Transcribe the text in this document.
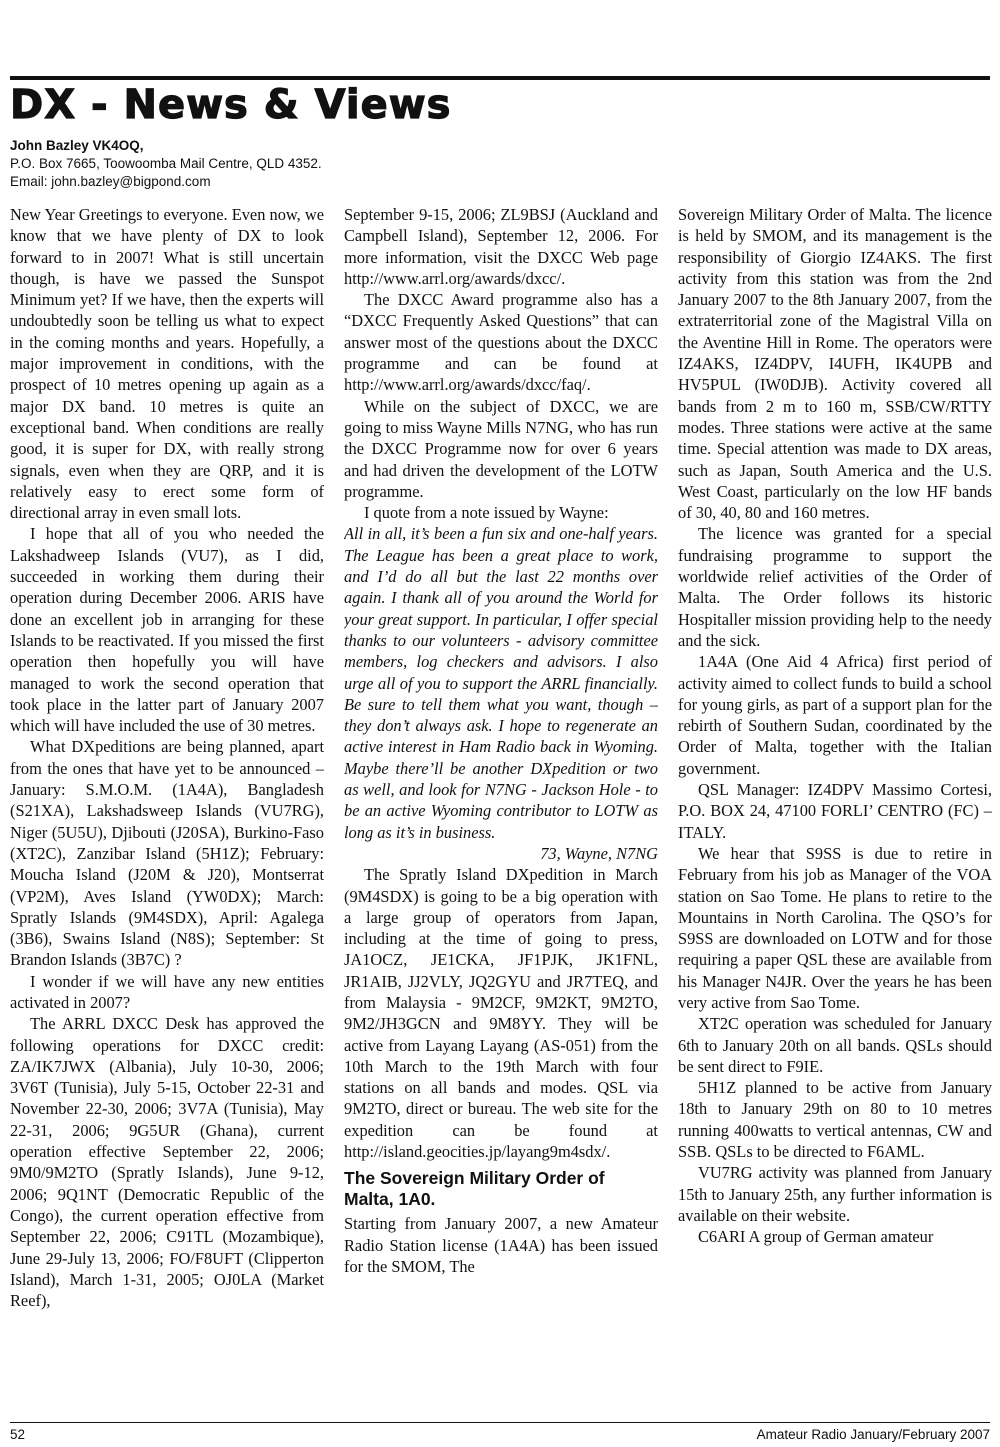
DX - News & Views
John Bazley VK4OQ,
P.O. Box 7665, Toowoomba Mail Centre, QLD 4352.
Email: john.bazley@bigpond.com

New Year Greetings to everyone. Even now, we know that we have plenty of DX to look forward to in 2007! What is still uncertain though, is have we passed the Sunspot Minimum yet? If we have, then the experts will undoubtedly soon be telling us what to expect in the coming months and years. Hopefully, a major improvement in conditions, with the prospect of 10 metres opening up again as a major DX band. 10 metres is quite an exceptional band. When conditions are really good, it is super for DX, with really strong signals, even when they are QRP, and it is relatively easy to erect some form of directional array in even small lots.

I hope that all of you who needed the Lakshadweep Islands (VU7), as I did, succeeded in working them during their operation during December 2006. ARIS have done an excellent job in arranging for these Islands to be reactivated. If you missed the first operation then hopefully you will have managed to work the second operation that took place in the latter part of January 2007 which will have included the use of 30 metres.

What DXpeditions are being planned, apart from the ones that have yet to be announced – January: S.M.O.M. (1A4A), Bangladesh (S21XA), Lakshadsweep Islands (VU7RG), Niger (5U5U), Djibouti (J20SA), Burkino-Faso (XT2C), Zanzibar Island (5H1Z); February: Moucha Island (J20M & J20), Montserrat (VP2M), Aves Island (YW0DX); March: Spratly Islands (9M4SDX), April: Agalega (3B6), Swains Island (N8S); September: St Brandon Islands (3B7C) ?

I wonder if we will have any new entities activated in 2007?

The ARRL DXCC Desk has approved the following operations for DXCC credit: ZA/IK7JWX (Albania), July 10-30, 2006; 3V6T (Tunisia), July 5-15, October 22-31 and November 22-30, 2006; 3V7A (Tunisia), May 22-31, 2006; 9G5UR (Ghana), current operation effective September 22, 2006; 9M0/9M2TO (Spratly Islands), June 9-12, 2006; 9Q1NT (Democratic Republic of the Congo), the current operation effective from September 22, 2006; C91TL (Mozambique), June 29-July 13, 2006; FO/F8UFT (Clipperton Island), March 1-31, 2005; OJ0LA (Market Reef),

September 9-15, 2006; ZL9BSJ (Auckland and Campbell Island), September 12, 2006. For more information, visit the DXCC Web page http://www.arrl.org/awards/dxcc/.

The DXCC Award programme also has a “DXCC Frequently Asked Questions” that can answer most of the questions about the DXCC programme and can be found at http://www.arrl.org/awards/dxcc/faq/.

While on the subject of DXCC, we are going to miss Wayne Mills N7NG, who has run the DXCC Programme now for over 6 years and had driven the development of the LOTW programme.

I quote from a note issued by Wayne:

All in all, it’s been a fun six and one-half years. The League has been a great place to work, and I’d do all but the last 22 months over again. I thank all of you around the World for your great support. In particular, I offer special thanks to our volunteers - advisory committee members, log checkers and advisors. I also urge all of you to support the ARRL financially. Be sure to tell them what you want, though – they don’t always ask. I hope to regenerate an active interest in Ham Radio back in Wyoming. Maybe there’ll be another DXpedition or two as well, and look for N7NG - Jackson Hole - to be an active Wyoming contributor to LOTW as long as it’s in business.

73, Wayne, N7NG

The Spratly Island DXpedition in March (9M4SDX) is going to be a big operation with a large group of operators from Japan, including at the time of going to press, JA1OCZ, JE1CKA, JF1PJK, JK1FNL, JR1AIB, JJ2VLY, JQ2GYU and JR7TEQ, and from Malaysia - 9M2CF, 9M2KT, 9M2TO, 9M2/JH3GCN and 9M8YY. They will be active from Layang Layang (AS-051) from the 10th March to the 19th March with four stations on all bands and modes. QSL via 9M2TO, direct or bureau. The web site for the expedition can be found at http://island.geocities.jp/layang9m4sdx/.

The Sovereign Military Order of Malta, 1A0.

Starting from January 2007, a new Amateur Radio Station license (1A4A) has been issued for the SMOM, The

Sovereign Military Order of Malta. The licence is held by SMOM, and its management is the responsibility of Giorgio IZ4AKS. The first activity from this station was from the 2nd January 2007 to the 8th January 2007, from the extraterritorial zone of the Magistral Villa on the Aventine Hill in Rome. The operators were IZ4AKS, IZ4DPV, I4UFH, IK4UPB and HV5PUL (IW0DJB). Activity covered all bands from 2 m to 160 m, SSB/CW/RTTY modes. Three stations were active at the same time. Special attention was made to DX areas, such as Japan, South America and the U.S. West Coast, particularly on the low HF bands of 30, 40, 80 and 160 metres.

The licence was granted for a special fundraising programme to support the worldwide relief activities of the Order of Malta. The Order follows its historic Hospitaller mission providing help to the needy and the sick.

1A4A (One Aid 4 Africa) first period of activity aimed to collect funds to build a school for young girls, as part of a support plan for the rebirth of Southern Sudan, coordinated by the Order of Malta, together with the Italian government.

QSL Manager: IZ4DPV Massimo Cortesi, P.O. BOX 24, 47100 FORLI’ CENTRO (FC) – ITALY.

We hear that S9SS is due to retire in February from his job as Manager of the VOA station on Sao Tome. He plans to retire to the Mountains in North Carolina. The QSO’s for S9SS are downloaded on LOTW and for those requiring a paper QSL these are available from his Manager N4JR. Over the years he has been very active from Sao Tome.

XT2C operation was scheduled for January 6th to January 20th on all bands. QSLs should be sent direct to F9IE.

5H1Z planned to be active from January 18th to January 29th on 80 to 10 metres running 400watts to vertical antennas, CW and SSB. QSLs to be directed to F6AML.

VU7RG activity was planned from January 15th to January 25th, any further information is available on their website.

C6ARI A group of German amateur

52	Amateur Radio January/February 2007
